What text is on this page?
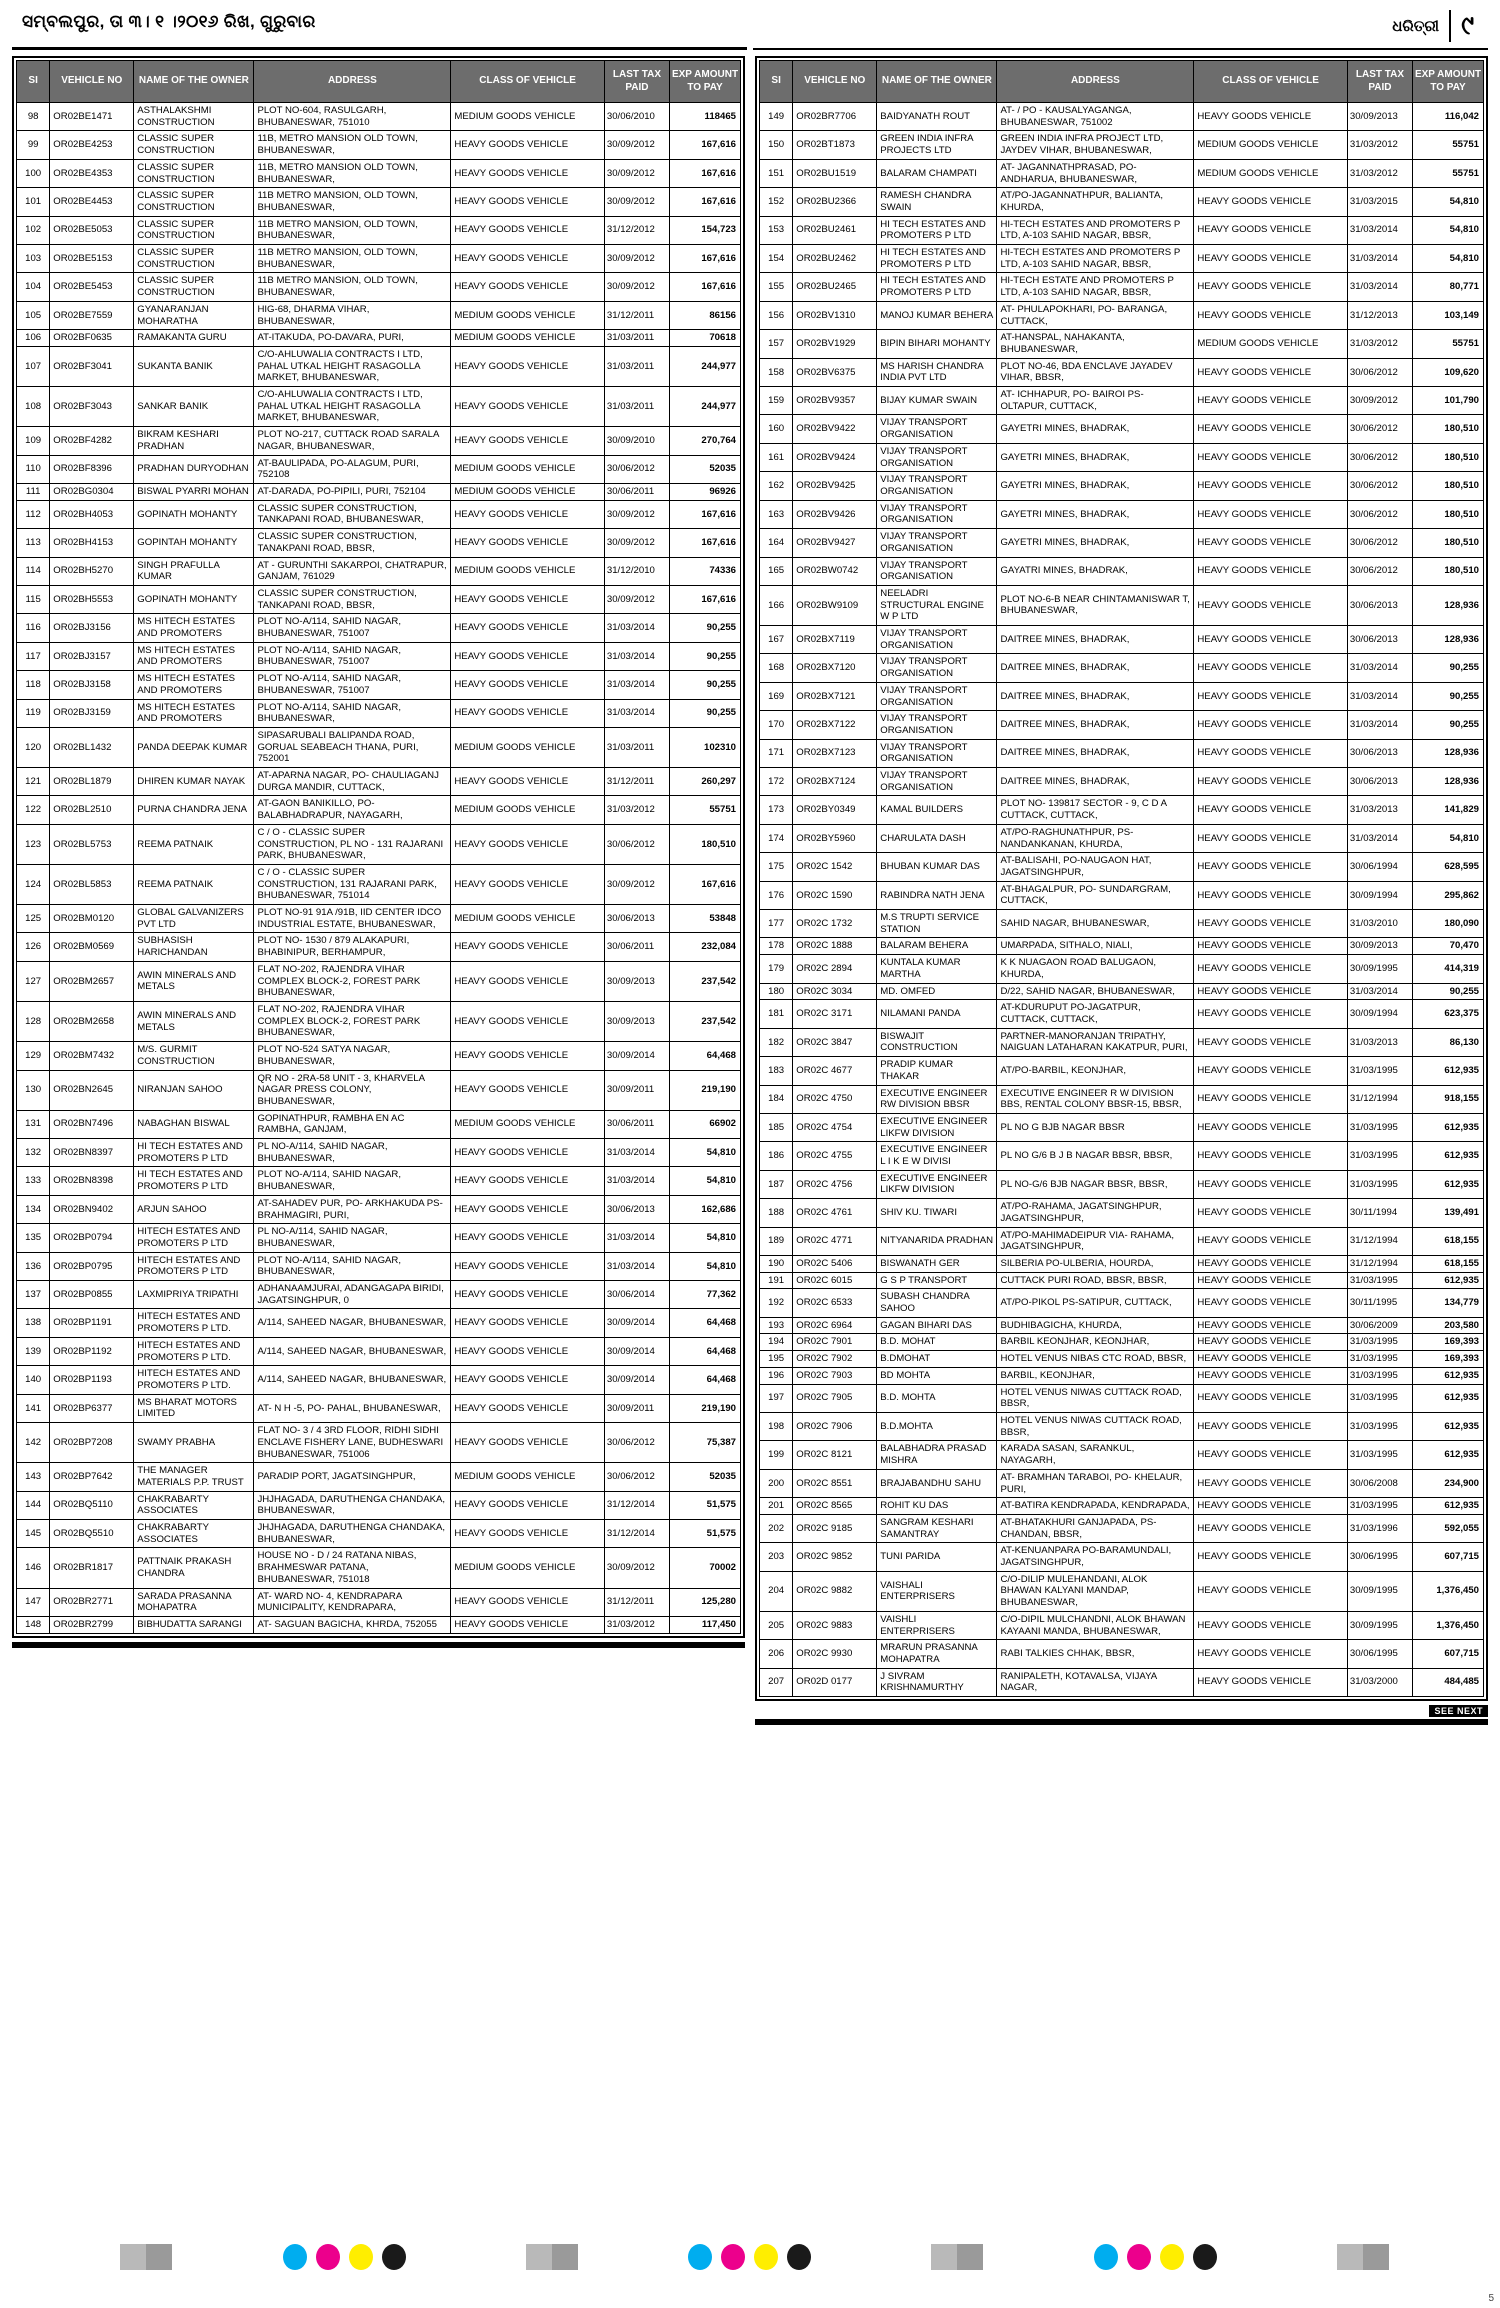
ସମ୍ବଲପୁର, ତା ୩। ୧ ।୨୦୧୬ ରିଖ, ଗୁରୁବାର	ଧରିତ୍ରୀ ୯
SI	VEHICLE NO	NAME OF THE OWNER	ADDRESS	CLASS OF VEHICLE	LAST TAX PAID	EXP AMOUNT TO PAY
98	OR02BE1471	ASTHALAKSHMI CONSTRUCTION	PLOT NO-604, RASULGARH, BHUBANESWAR, 751010	MEDIUM GOODS VEHICLE	30/06/2010	118465
99	OR02BE4253	CLASSIC SUPER CONSTRUCTION	11B, METRO MANSION OLD TOWN, BHUBANESWAR,	HEAVY GOODS VEHICLE	30/09/2012	167,616
100	OR02BE4353	CLASSIC SUPER CONSTRUCTION	11B, METRO MANSION OLD TOWN, BHUBANESWAR,	HEAVY GOODS VEHICLE	30/09/2012	167,616
101	OR02BE4453	CLASSIC SUPER CONSTRUCTION	11B METRO MANSION, OLD TOWN, BHUBANESWAR,	HEAVY GOODS VEHICLE	30/09/2012	167,616
102	OR02BE5053	CLASSIC SUPER CONSTRUCTION	11B METRO MANSION, OLD TOWN, BHUBANESWAR,	HEAVY GOODS VEHICLE	31/12/2012	154,723
103	OR02BE5153	CLASSIC SUPER CONSTRUCTION	11B METRO MANSION, OLD TOWN, BHUBANESWAR,	HEAVY GOODS VEHICLE	30/09/2012	167,616
104	OR02BE5453	CLASSIC SUPER CONSTRUCTION	11B METRO MANSION, OLD TOWN, BHUBANESWAR,	HEAVY GOODS VEHICLE	30/09/2012	167,616
105	OR02BE7559	GYANARANJAN MOHARATHA	HIG-68, DHARMA VIHAR, BHUBANESWAR,	MEDIUM GOODS VEHICLE	31/12/2011	86156
106	OR02BF0635	RAMAKANTA GURU	AT-ITAKUDA, PO-DAVARA, PURI,	MEDIUM GOODS VEHICLE	31/03/2011	70618
107	OR02BF3041	SUKANTA BANIK	C/O-AHLUWALIA CONTRACTS I LTD, PAHAL UTKAL HEIGHT RASAGOLLA MARKET, BHUBANESWAR,	HEAVY GOODS VEHICLE	31/03/2011	244,977
108	OR02BF3043	SANKAR BANIK	C/O-AHLUWALIA CONTRACTS I LTD, PAHAL UTKAL HEIGHT RASAGOLLA MARKET, BHUBANESWAR,	HEAVY GOODS VEHICLE	31/03/2011	244,977
109	OR02BF4282	BIKRAM KESHARI PRADHAN	PLOT NO-217, CUTTACK ROAD SARALA NAGAR, BHUBANESWAR,	HEAVY GOODS VEHICLE	30/09/2010	270,764
110	OR02BF8396	PRADHAN DURYODHAN	AT-BAULIPADA, PO-ALAGUM, PURI, 752108	MEDIUM GOODS VEHICLE	30/06/2012	52035
111	OR02BG0304	BISWAL PYARRI MOHAN	AT-DARADA, PO-PIPILI, PURI, 752104	MEDIUM GOODS VEHICLE	30/06/2011	96926
112	OR02BH4053	GOPINATH MOHANTY	CLASSIC SUPER CONSTRUCTION, TANKAPANI ROAD, BHUBANESWAR,	HEAVY GOODS VEHICLE	30/09/2012	167,616
113	OR02BH4153	GOPINTAH MOHANTY	CLASSIC SUPER CONSTRUCTION, TANAKPANI ROAD, BBSR,	HEAVY GOODS VEHICLE	30/09/2012	167,616
114	OR02BH5270	SINGH PRAFULLA KUMAR	AT - GURUNTHI SAKARPOI, CHATRAPUR, GANJAM, 761029	MEDIUM GOODS VEHICLE	31/12/2010	74336
115	OR02BH5553	GOPINATH MOHANTY	CLASSIC SUPER CONSTRUCTION, TANKAPANI ROAD, BBSR,	HEAVY GOODS VEHICLE	30/09/2012	167,616
116	OR02BJ3156	MS HITECH ESTATES AND PROMOTERS	PLOT NO-A/114, SAHID NAGAR, BHUBANESWAR, 751007	HEAVY GOODS VEHICLE	31/03/2014	90,255
117	OR02BJ3157	MS HITECH ESTATES AND PROMOTERS	PLOT NO-A/114, SAHID NAGAR, BHUBANESWAR, 751007	HEAVY GOODS VEHICLE	31/03/2014	90,255
118	OR02BJ3158	MS HITECH ESTATES AND PROMOTERS	PLOT NO-A/114, SAHID NAGAR, BHUBANESWAR, 751007	HEAVY GOODS VEHICLE	31/03/2014	90,255
119	OR02BJ3159	MS HITECH ESTATES AND PROMOTERS	PLOT NO-A/114, SAHID NAGAR, BHUBANESWAR,	HEAVY GOODS VEHICLE	31/03/2014	90,255
120	OR02BL1432	PANDA DEEPAK KUMAR	SIPASARUBALI BALIPANDA ROAD, GORUAL SEABEACH THANA, PURI, 752001	MEDIUM GOODS VEHICLE	31/03/2011	102310
121	OR02BL1879	DHIREN KUMAR NAYAK	AT-APARNA NAGAR, PO- CHAULIAGANJ DURGA MANDIR, CUTTACK,	HEAVY GOODS VEHICLE	31/12/2011	260,297
122	OR02BL2510	PURNA CHANDRA JENA	AT-GAON BANIKILLO, PO- BALABHADRAPUR, NAYAGARH,	MEDIUM GOODS VEHICLE	31/03/2012	55751
123	OR02BL5753	REEMA PATNAIK	C / O - CLASSIC SUPER CONSTRUCTION, PL NO - 131 RAJARANI PARK, BHUBANESWAR,	HEAVY GOODS VEHICLE	30/06/2012	180,510
124	OR02BL5853	REEMA PATNAIK	C / O - CLASSIC SUPER CONSTRUCTION, 131 RAJARANI PARK, BHUBANESWAR, 751014	HEAVY GOODS VEHICLE	30/09/2012	167,616
125	OR02BM0120	GLOBAL GALVANIZERS PVT LTD	PLOT NO-91 91A /91B, IID CENTER IDCO INDUSTRIAL ESTATE, BHUBANESWAR,	MEDIUM GOODS VEHICLE	30/06/2013	53848
126	OR02BM0569	SUBHASISH HARICHANDAN	PLOT NO- 1530 / 879 ALAKAPURI, BHABINIPUR, BERHAMPUR,	HEAVY GOODS VEHICLE	30/06/2011	232,084
127	OR02BM2657	AWIN MINERALS AND METALS	FLAT NO-202, RAJENDRA VIHAR COMPLEX BLOCK-2, FOREST PARK BHUBANESWAR,	HEAVY GOODS VEHICLE	30/09/2013	237,542
128	OR02BM2658	AWIN MINERALS AND METALS	FLAT NO-202, RAJENDRA VIHAR COMPLEX BLOCK-2, FOREST PARK BHUBANESWAR,	HEAVY GOODS VEHICLE	30/09/2013	237,542
129	OR02BM7432	M/S. GURMIT CONSTRUCTION	PLOT NO-524 SATYA NAGAR, BHUBANESWAR,	HEAVY GOODS VEHICLE	30/09/2014	64,468
130	OR02BN2645	NIRANJAN SAHOO	QR NO - 2RA-58 UNIT - 3, KHARVELA NAGAR PRESS COLONY, BHUBANESWAR,	HEAVY GOODS VEHICLE	30/09/2011	219,190
131	OR02BN7496	NABAGHAN BISWAL	GOPINATHPUR, RAMBHA EN AC RAMBHA, GANJAM,	MEDIUM GOODS VEHICLE	30/06/2011	66902
132	OR02BN8397	HI TECH ESTATES AND PROMOTERS P LTD	PL NO-A/114, SAHID NAGAR, BHUBANESWAR,	HEAVY GOODS VEHICLE	31/03/2014	54,810
133	OR02BN8398	HI TECH ESTATES AND PROMOTERS P LTD	PLOT NO-A/114, SAHID NAGAR, BHUBANESWAR,	HEAVY GOODS VEHICLE	31/03/2014	54,810
134	OR02BN9402	ARJUN SAHOO	AT-SAHADEV PUR, PO- ARKHAKUDA PS-BRAHMAGIRI, PURI,	HEAVY GOODS VEHICLE	30/06/2013	162,686
135	OR02BP0794	HITECH ESTATES AND PROMOTERS P LTD	PL NO-A/114, SAHID NAGAR, BHUBANESWAR,	HEAVY GOODS VEHICLE	31/03/2014	54,810
136	OR02BP0795	HITECH ESTATES AND PROMOTERS P LTD	PLOT NO-A/114, SAHID NAGAR, BHUBANESWAR,	HEAVY GOODS VEHICLE	31/03/2014	54,810
137	OR02BP0855	LAXMIPRIYA TRIPATHI	ADHANAAMJURAI, ADANGAGAPA BIRIDI, JAGATSINGHPUR, 0	HEAVY GOODS VEHICLE	30/06/2014	77,362
138	OR02BP1191	HITECH ESTATES AND PROMOTERS P LTD.	A/114, SAHEED NAGAR, BHUBANESWAR,	HEAVY GOODS VEHICLE	30/09/2014	64,468
139	OR02BP1192	HITECH ESTATES AND PROMOTERS P LTD.	A/114, SAHEED NAGAR, BHUBANESWAR,	HEAVY GOODS VEHICLE	30/09/2014	64,468
140	OR02BP1193	HITECH ESTATES AND PROMOTERS P LTD.	A/114, SAHEED NAGAR, BHUBANESWAR,	HEAVY GOODS VEHICLE	30/09/2014	64,468
141	OR02BP6377	MS BHARAT MOTORS LIMITED	AT- N H -5, PO- PAHAL, BHUBANESWAR,	HEAVY GOODS VEHICLE	30/09/2011	219,190
142	OR02BP7208	SWAMY PRABHA	FLAT NO- 3 / 4 3RD FLOOR, RIDHI SIDHI ENCLAVE FISHERY LANE, BUDHESWARI BHUBANESWAR, 751006	HEAVY GOODS VEHICLE	30/06/2012	75,387
143	OR02BP7642	THE MANAGER MATERIALS P.P. TRUST	PARADIP PORT, JAGATSINGHPUR,	MEDIUM GOODS VEHICLE	30/06/2012	52035
144	OR02BQ5110	CHAKRABARTY ASSOCIATES	JHJHAGADA, DARUTHENGA CHANDAKA, BHUBANESWAR,	HEAVY GOODS VEHICLE	31/12/2014	51,575
145	OR02BQ5510	CHAKRABARTY ASSOCIATES	JHJHAGADA, DARUTHENGA CHANDAKA, BHUBANESWAR,	HEAVY GOODS VEHICLE	31/12/2014	51,575
146	OR02BR1817	PATTNAIK PRAKASH CHANDRA	HOUSE NO - D / 24 RATANA NIBAS, BRAHMESWAR PATANA, BHUBANESWAR, 751018	MEDIUM GOODS VEHICLE	30/09/2012	70002
147	OR02BR2771	SARADA PRASANNA MOHAPATRA	AT- WARD NO- 4, KENDRAPARA MUNICIPALITY, KENDRAPARA,	HEAVY GOODS VEHICLE	31/12/2011	125,280
148	OR02BR2799	BIBHUDATTA SARANGI	AT- SAGUAN BAGICHA, KHRDA, 752055	HEAVY GOODS VEHICLE	31/03/2012	117,450
SI	VEHICLE NO	NAME OF THE OWNER	ADDRESS	CLASS OF VEHICLE	LAST TAX PAID	EXP AMOUNT TO PAY
149	OR02BR7706	BAIDYANATH ROUT	AT- / PO - KAUSALYAGANGA, BHUBANESWAR, 751002	HEAVY GOODS VEHICLE	30/09/2013	116,042
150	OR02BT1873	GREEN INDIA INFRA PROJECTS LTD	GREEN INDIA INFRA PROJECT LTD, JAYDEV VIHAR, BHUBANESWAR,	MEDIUM GOODS VEHICLE	31/03/2012	55751
151	OR02BU1519	BALARAM CHAMPATI	AT- JAGANNATHPRASAD, PO- ANDHARUA, BHUBANESWAR,	MEDIUM GOODS VEHICLE	31/03/2012	55751
152	OR02BU2366	RAMESH CHANDRA SWAIN	AT/PO-JAGANNATHPUR, BALIANTA, KHURDA,	HEAVY GOODS VEHICLE	31/03/2015	54,810
153	OR02BU2461	HI TECH ESTATES AND PROMOTERS P LTD	HI-TECH ESTATES AND PROMOTERS P LTD, A-103 SAHID NAGAR, BBSR,	HEAVY GOODS VEHICLE	31/03/2014	54,810
154	OR02BU2462	HI TECH ESTATES AND PROMOTERS P LTD	HI-TECH ESTATES AND PROMOTERS P LTD, A-103 SAHID NAGAR, BBSR,	HEAVY GOODS VEHICLE	31/03/2014	54,810
155	OR02BU2465	HI TECH ESTATES AND PROMOTERS P LTD	HI-TECH ESTATE AND PROMOTERS P LTD, A-103 SAHID NAGAR, BBSR,	HEAVY GOODS VEHICLE	31/03/2014	80,771
156	OR02BV1310	MANOJ KUMAR BEHERA	AT- PHULAPOKHARI, PO- BARANGA, CUTTACK,	HEAVY GOODS VEHICLE	31/12/2013	103,149
157	OR02BV1929	BIPIN BIHARI MOHANTY	AT-HANSPAL, NAHAKANTA, BHUBANESWAR,	MEDIUM GOODS VEHICLE	31/03/2012	55751
158	OR02BV6375	MS HARISH CHANDRA INDIA PVT LTD	PLOT NO-46, BDA ENCLAVE JAYADEV VIHAR, BBSR,	HEAVY GOODS VEHICLE	30/06/2012	109,620
159	OR02BV9357	BIJAY KUMAR SWAIN	AT- ICHHAPUR, PO- BAIROI PS- OLTAPUR, CUTTACK,	HEAVY GOODS VEHICLE	30/09/2012	101,790
160	OR02BV9422	VIJAY TRANSPORT ORGANISATION	GAYETRI MINES, BHADRAK,	HEAVY GOODS VEHICLE	30/06/2012	180,510
161	OR02BV9424	VIJAY TRANSPORT ORGANISATION	GAYETRI MINES, BHADRAK,	HEAVY GOODS VEHICLE	30/06/2012	180,510
162	OR02BV9425	VIJAY TRANSPORT ORGANISATION	GAYETRI MINES, BHADRAK,	HEAVY GOODS VEHICLE	30/06/2012	180,510
163	OR02BV9426	VIJAY TRANSPORT ORGANISATION	GAYETRI MINES, BHADRAK,	HEAVY GOODS VEHICLE	30/06/2012	180,510
164	OR02BV9427	VIJAY TRANSPORT ORGANISATION	GAYETRI MINES, BHADRAK,	HEAVY GOODS VEHICLE	30/06/2012	180,510
165	OR02BW0742	VIJAY TRANSPORT ORGANISATION	GAYATRI MINES, BHADRAK,	HEAVY GOODS VEHICLE	30/06/2012	180,510
166	OR02BW9109	NEELADRI STRUCTURAL ENGINE W P LTD	PLOT NO-6-B NEAR CHINTAMANISWAR T, BHUBANESWAR,	HEAVY GOODS VEHICLE	30/06/2013	128,936
167	OR02BX7119	VIJAY TRANSPORT ORGANISATION	DAITREE MINES, BHADRAK,	HEAVY GOODS VEHICLE	30/06/2013	128,936
168	OR02BX7120	VIJAY TRANSPORT ORGANISATION	DAITREE MINES, BHADRAK,	HEAVY GOODS VEHICLE	31/03/2014	90,255
169	OR02BX7121	VIJAY TRANSPORT ORGANISATION	DAITREE MINES, BHADRAK,	HEAVY GOODS VEHICLE	31/03/2014	90,255
170	OR02BX7122	VIJAY TRANSPORT ORGANISATION	DAITREE MINES, BHADRAK,	HEAVY GOODS VEHICLE	31/03/2014	90,255
171	OR02BX7123	VIJAY TRANSPORT ORGANISATION	DAITREE MINES, BHADRAK,	HEAVY GOODS VEHICLE	30/06/2013	128,936
172	OR02BX7124	VIJAY TRANSPORT ORGANISATION	DAITREE MINES, BHADRAK,	HEAVY GOODS VEHICLE	30/06/2013	128,936
173	OR02BY0349	KAMAL BUILDERS	PLOT NO- 139817 SECTOR - 9, C D A CUTTACK, CUTTACK,	HEAVY GOODS VEHICLE	31/03/2013	141,829
174	OR02BY5960	CHARULATA DASH	AT/PO-RAGHUNATHPUR, PS- NANDANKANAN, KHURDA,	HEAVY GOODS VEHICLE	31/03/2014	54,810
175	OR02C 1542	BHUBAN KUMAR DAS	AT-BALISAHI, PO-NAUGAON HAT, JAGATSINGHPUR,	HEAVY GOODS VEHICLE	30/06/1994	628,595
176	OR02C 1590	RABINDRA NATH JENA	AT-BHAGALPUR, PO- SUNDARGRAM, CUTTACK,	HEAVY GOODS VEHICLE	30/09/1994	295,862
177	OR02C 1732	M.S TRUPTI SERVICE STATION	SAHID NAGAR, BHUBANESWAR,	HEAVY GOODS VEHICLE	31/03/2010	180,090
178	OR02C 1888	BALARAM BEHERA	UMARPADA, SITHALO, NIALI,	HEAVY GOODS VEHICLE	30/09/2013	70,470
179	OR02C 2894	KUNTALA KUMAR MARTHA	K K NUAGAON ROAD BALUGAON, KHURDA,	HEAVY GOODS VEHICLE	30/09/1995	414,319
180	OR02C 3034	MD. OMFED	D/22, SAHID NAGAR, BHUBANESWAR,	HEAVY GOODS VEHICLE	31/03/2014	90,255
181	OR02C 3171	NILAMANI PANDA	AT-KDURUPUT PO-JAGATPUR, CUTTACK, CUTTACK,	HEAVY GOODS VEHICLE	30/09/1994	623,375
182	OR02C 3847	BISWAJIT CONSTRUCTION	PARTNER-MANORANJAN TRIPATHY, NAIGUAN LATAHARAN KAKATPUR, PURI,	HEAVY GOODS VEHICLE	31/03/2013	86,130
183	OR02C 4677	PRADIP KUMAR THAKAR	AT/PO-BARBIL, KEONJHAR,	HEAVY GOODS VEHICLE	31/03/1995	612,935
184	OR02C 4750	EXECUTIVE ENGINEER RW DIVISION BBSR	EXECUTIVE ENGINEER R W DIVISION BBS, RENTAL COLONY BBSR-15, BBSR,	HEAVY GOODS VEHICLE	31/12/1994	918,155
185	OR02C 4754	EXECUTIVE ENGINEER LIKFW DIVISION	PL NO G BJB NAGAR BBSR	HEAVY GOODS VEHICLE	31/03/1995	612,935
186	OR02C 4755	EXECUTIVE ENGINEER L I K E W DIVISI	PL NO G/6 B J B NAGAR BBSR, BBSR,	HEAVY GOODS VEHICLE	31/03/1995	612,935
187	OR02C 4756	EXECUTIVE ENGINEER LIKFW DIVISION	PL NO-G/6 BJB NAGAR BBSR, BBSR,	HEAVY GOODS VEHICLE	31/03/1995	612,935
188	OR02C 4761	SHIV KU. TIWARI	AT/PO-RAHAMA, JAGATSINGHPUR, JAGATSINGHPUR,	HEAVY GOODS VEHICLE	30/11/1994	139,491
189	OR02C 4771	NITYANARIDA PRADHAN	AT/PO-MAHIMADEIPUR VIA- RAHAMA, JAGATSINGHPUR,	HEAVY GOODS VEHICLE	31/12/1994	618,155
190	OR02C 5406	BISWANATH GER	SILBERIA PO-ULBERIA, HOURDA,	HEAVY GOODS VEHICLE	31/12/1994	618,155
191	OR02C 6015	G S P TRANSPORT	CUTTACK PURI ROAD, BBSR, BBSR,	HEAVY GOODS VEHICLE	31/03/1995	612,935
192	OR02C 6533	SUBASH CHANDRA SAHOO	AT/PO-PIKOL PS-SATIPUR, CUTTACK,	HEAVY GOODS VEHICLE	30/11/1995	134,779
193	OR02C 6964	GAGAN BIHARI DAS	BUDHIBAGICHA, KHURDA,	HEAVY GOODS VEHICLE	30/06/2009	203,580
194	OR02C 7901	B.D. MOHAT	BARBIL KEONJHAR, KEONJHAR,	HEAVY GOODS VEHICLE	31/03/1995	169,393
195	OR02C 7902	B.DMOHAT	HOTEL VENUS NIBAS CTC ROAD, BBSR,	HEAVY GOODS VEHICLE	31/03/1995	169,393
196	OR02C 7903	BD MOHTA	BARBIL, KEONJHAR,	HEAVY GOODS VEHICLE	31/03/1995	612,935
197	OR02C 7905	B.D. MOHTA	HOTEL VENUS NIWAS CUTTACK ROAD, BBSR,	HEAVY GOODS VEHICLE	31/03/1995	612,935
198	OR02C 7906	B.D.MOHTA	HOTEL VENUS NIWAS CUTTACK ROAD, BBSR,	HEAVY GOODS VEHICLE	31/03/1995	612,935
199	OR02C 8121	BALABHADRA PRASAD MISHRA	KARADA SASAN, SARANKUL, NAYAGARH,	HEAVY GOODS VEHICLE	31/03/1995	612,935
200	OR02C 8551	BRAJABANDHU SAHU	AT- BRAMHAN TARABOI, PO- KHELAUR, PURI,	HEAVY GOODS VEHICLE	30/06/2008	234,900
201	OR02C 8565	ROHIT KU DAS	AT-BATIRA KENDRAPADA, KENDRAPADA,	HEAVY GOODS VEHICLE	31/03/1995	612,935
202	OR02C 9185	SANGRAM KESHARI SAMANTRAY	AT-BHATAKHURI GANJAPADA, PS-CHANDAN, BBSR,	HEAVY GOODS VEHICLE	31/03/1996	592,055
203	OR02C 9852	TUNI PARIDA	AT-KENUANPARA PO-BARAMUNDALI, JAGATSINGHPUR,	HEAVY GOODS VEHICLE	30/06/1995	607,715
204	OR02C 9882	VAISHALI ENTERPRISERS	C/O-DILIP MULEHANDANI, ALOK BHAWAN KALYANI MANDAP, BHUBANESWAR,	HEAVY GOODS VEHICLE	30/09/1995	1,376,450
205	OR02C 9883	VAISHLI ENTERPRISERS	C/O-DIPIL MULCHANDNI, ALOK BHAWAN KAYAANI MANDA, BHUBANESWAR,	HEAVY GOODS VEHICLE	30/09/1995	1,376,450
206	OR02C 9930	MRARUN PRASANNA MOHAPATRA	RABI TALKIES CHHAK, BBSR,	HEAVY GOODS VEHICLE	30/06/1995	607,715
207	OR02D 0177	J SIVRAM KRISHNAMURTHY	RANIPALETH, KOTAVALSA, VIJAYA NAGAR,	HEAVY GOODS VEHICLE	31/03/2000	484,485
SEE NEXT
5
